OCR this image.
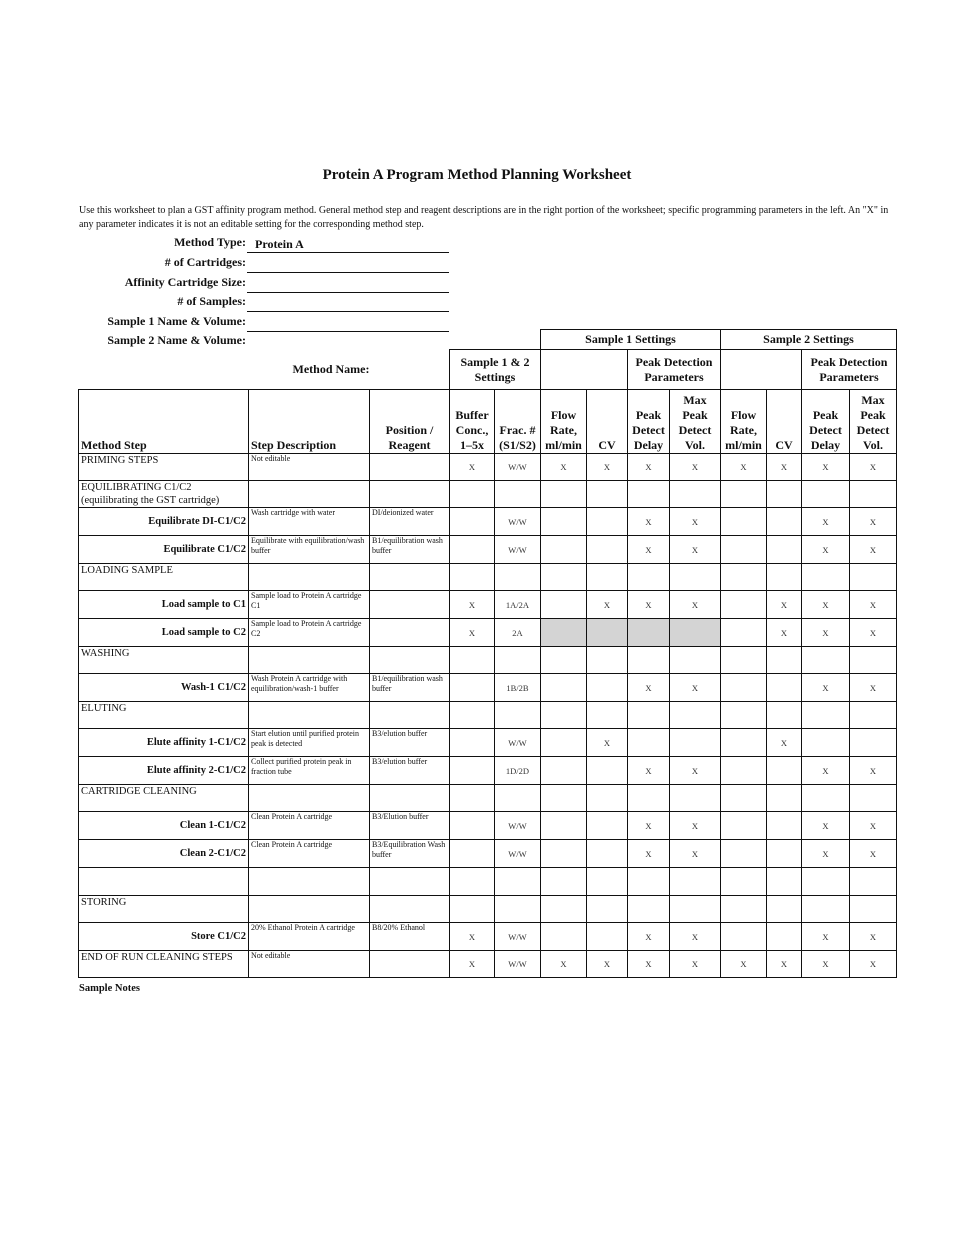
Protein A Program Method Planning Worksheet
Use this worksheet to plan a GST affinity program method. General method step and reagent descriptions are in the right portion of the worksheet; specific programming parameters in the left. An "X" in any parameter indicates it is not an editable setting for the corresponding method step.
Method Type: Protein A
# of Cartridges:
Affinity Cartridge Size:
# of Samples:
Sample 1 Name & Volume:
Sample 2 Name & Volume:
					Sample 1 Settings				Sample 2 Settings			
Method Name:			Sample 1 & 2 Settings				Peak Detection Parameters				Peak Detection Parameters	
Method Step	Step Description	Position / Reagent	Buffer Conc., 1–5x	Frac. # (S1/S2)	Flow Rate, ml/min	CV	Peak Detect Delay	Max Peak Detect Vol.	Flow Rate, ml/min	CV	Peak Detect Delay	Max Peak Detect Vol.
PRIMING STEPS	Not editable		X	W/W	X	X	X	X	X	X	X	X
EQUILIBRATING C1/C2 (equilibrating the GST cartridge)												
Equilibrate DI-C1/C2	Wash cartridge with water	DI/deionized water		W/W			X	X			X	X
Equilibrate C1/C2	Equilibrate with equilibration/wash buffer	B1/equilibration wash buffer		W/W			X	X			X	X
LOADING SAMPLE												
Load sample to C1	Sample load to Protein A cartridge C1		X	1A/2A		X	X	X		X	X	X
Load sample to C2	Sample load to Protein A cartridge C2		X	2A						X	X	X
WASHING												
Wash-1 C1/C2	Wash Protein A cartridge with equilibration/wash-1 buffer	B1/equilibration wash buffer		1B/2B			X	X			X	X
ELUTING												
Elute affinity 1-C1/C2	Start elution until purified protein peak is detected	B3/elution buffer		W/W		X				X		
Elute affinity 2-C1/C2	Collect purified protein peak in fraction tube	B3/elution buffer		1D/2D			X	X			X	X
CARTRIDGE CLEANING												
Clean 1-C1/C2	Clean Protein A cartridge	B3/Elution buffer		W/W			X	X			X	X
Clean 2-C1/C2	Clean Protein A cartridge	B3/Equilibration Wash buffer		W/W			X	X			X	X

STORING												
Store C1/C2	20% Ethanol Protein A cartridge	B8/20% Ethanol	X	W/W			X	X			X	X
END OF RUN CLEANING STEPS	Not editable		X	W/W	X	X	X	X	X	X	X	X
Sample Notes
